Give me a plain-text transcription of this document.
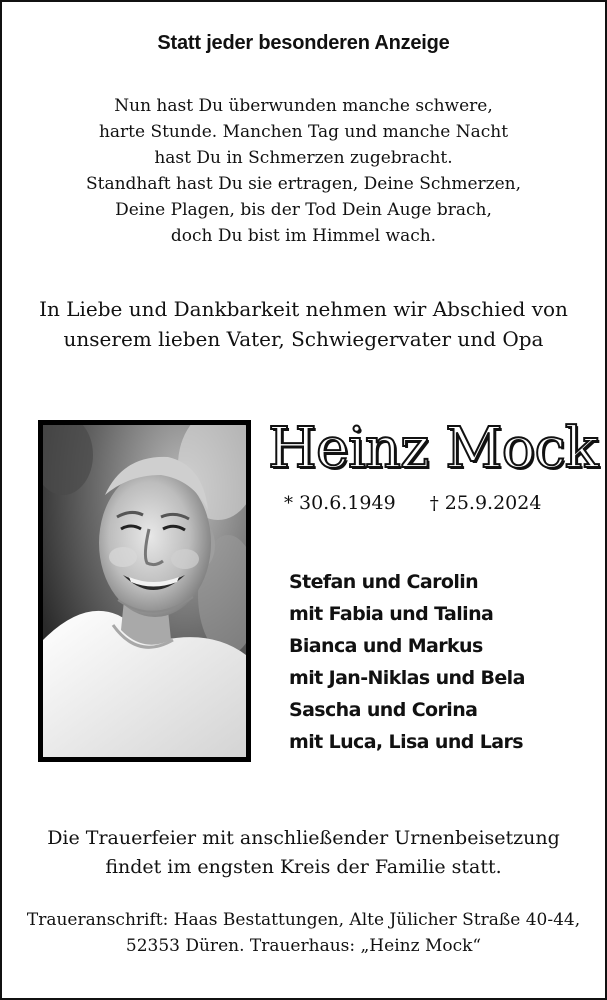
Statt jeder besonderen Anzeige
Nun hast Du überwunden manche schwere,
harte Stunde. Manchen Tag und manche Nacht
hast Du in Schmerzen zugebracht.
Standhaft hast Du sie ertragen, Deine Schmerzen,
Deine Plagen, bis der Tod Dein Auge brach,
doch Du bist im Himmel wach.
In Liebe und Dankbarkeit nehmen wir Abschied von
unserem lieben Vater, Schwiegervater und Opa
Heinz Mock
* 30.6.1949 † 25.9.2024
Stefan und Carolin
mit Fabia und Talina
Bianca und Markus
mit Jan-Niklas und Bela
Sascha und Corina
mit Luca, Lisa und Lars
Die Trauerfeier mit anschließender Urnenbeisetzung
findet im engsten Kreis der Familie statt.
Traueranschrift: Haas Bestattungen, Alte Jülicher Straße 40-44,
52353 Düren. Trauerhaus: „Heinz Mock“
